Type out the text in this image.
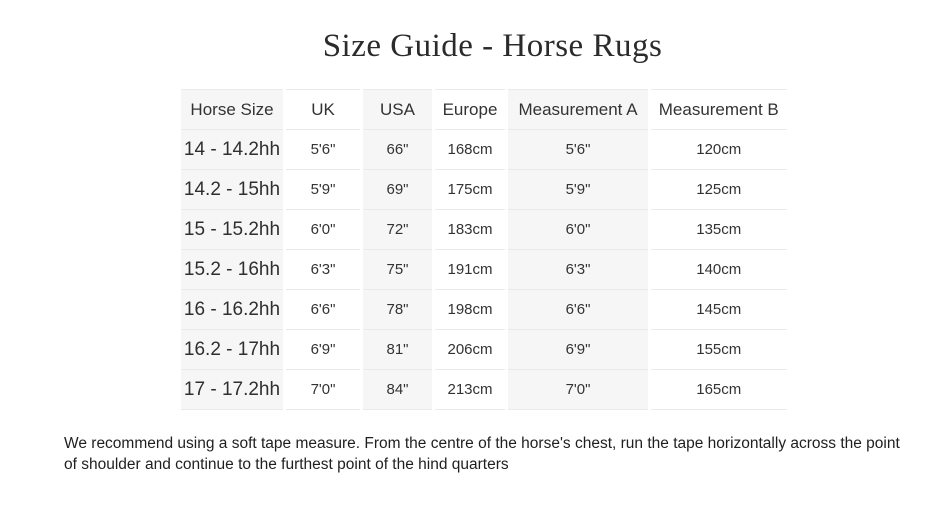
Size Guide - Horse Rugs
Horse Size	UK	USA	Europe	Measurement A	Measurement B
14 - 14.2hh	5'6"	66"	168cm	5'6"	120cm
14.2 - 15hh	5'9"	69"	175cm	5'9"	125cm
15 - 15.2hh	6'0"	72"	183cm	6'0"	135cm
15.2 - 16hh	6'3"	75"	191cm	6'3"	140cm
16 - 16.2hh	6'6"	78"	198cm	6'6"	145cm
16.2 - 17hh	6'9"	81"	206cm	6'9"	155cm
17 - 17.2hh	7'0"	84"	213cm	7'0"	165cm

We recommend using a soft tape measure. From the centre of the horse's chest, run the tape horizontally across the point of shoulder and continue to the furthest point of the hind quarters
